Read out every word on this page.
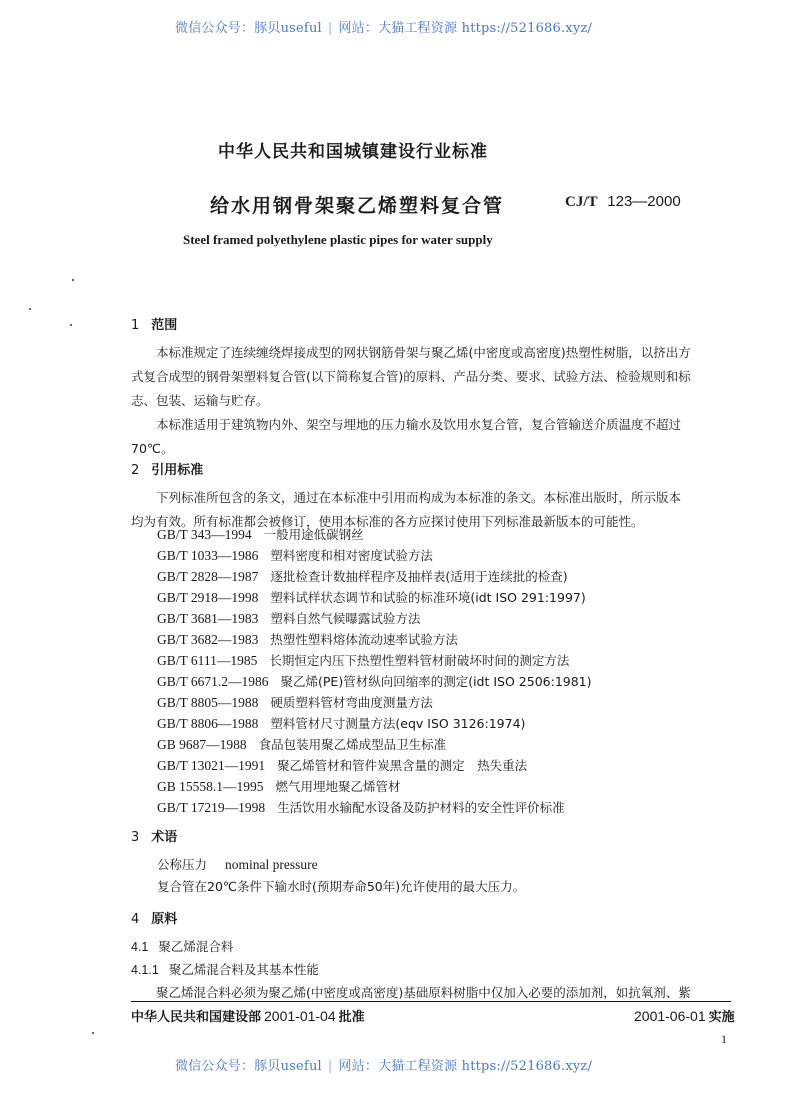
微信公众号：豚贝useful | 网站：大猫工程资源 https://521686.xyz/
中华人民共和国城镇建设行业标准
给水用钢骨架聚乙烯塑料复合管	CJ/T 123—2000
Steel framed polyethylene plastic pipes for water supply
1 范围
本标准规定了连续缠绕焊接成型的网状钢筋骨架与聚乙烯(中密度或高密度)热塑性树脂，以挤出方式复合成型的钢骨架塑料复合管(以下简称复合管)的原料、产品分类、要求、试验方法、检验规则和标志、包装、运输与贮存。
本标准适用于建筑物内外、架空与埋地的压力输水及饮用水复合管，复合管输送介质温度不超过70℃。
2 引用标准
下列标准所包含的条文，通过在本标准中引用而构成为本标准的条文。本标准出版时，所示版本均为有效。所有标准都会被修订，使用本标准的各方应探讨使用下列标准最新版本的可能性。
GB/T 343—1994 一般用途低碳钢丝
GB/T 1033—1986 塑料密度和相对密度试验方法
GB/T 2828—1987 逐批检查计数抽样程序及抽样表(适用于连续批的检查)
GB/T 2918—1998 塑料试样状态调节和试验的标准环境(idt ISO 291:1997)
GB/T 3681—1983 塑料自然气候曝露试验方法
GB/T 3682—1983 热塑性塑料熔体流动速率试验方法
GB/T 6111—1985 长期恒定内压下热塑性塑料管材耐破坏时间的测定方法
GB/T 6671.2—1986 聚乙烯(PE)管材纵向回缩率的测定(idt ISO 2506:1981)
GB/T 8805—1988 硬质塑料管材弯曲度测量方法
GB/T 8806—1988 塑料管材尺寸测量方法(eqv ISO 3126:1974)
GB 9687—1988 食品包装用聚乙烯成型品卫生标准
GB/T 13021—1991 聚乙烯管材和管件炭黑含量的测定　热失重法
GB 15558.1—1995 燃气用埋地聚乙烯管材
GB/T 17219—1998 生活饮用水输配水设备及防护材料的安全性评价标准
3 术语
公称压力 nominal pressure
复合管在20℃条件下输水时(预期寿命50年)允许使用的最大压力。
4 原料
4.1 聚乙烯混合料
4.1.1 聚乙烯混合料及其基本性能
聚乙烯混合料必须为聚乙烯(中密度或高密度)基础原料树脂中仅加入必要的添加剂，如抗氧剂、紫
中华人民共和国建设部 2001-01-04 批准	2001-06-01 实施
1
微信公众号：豚贝useful | 网站：大猫工程资源 https://521686.xyz/
